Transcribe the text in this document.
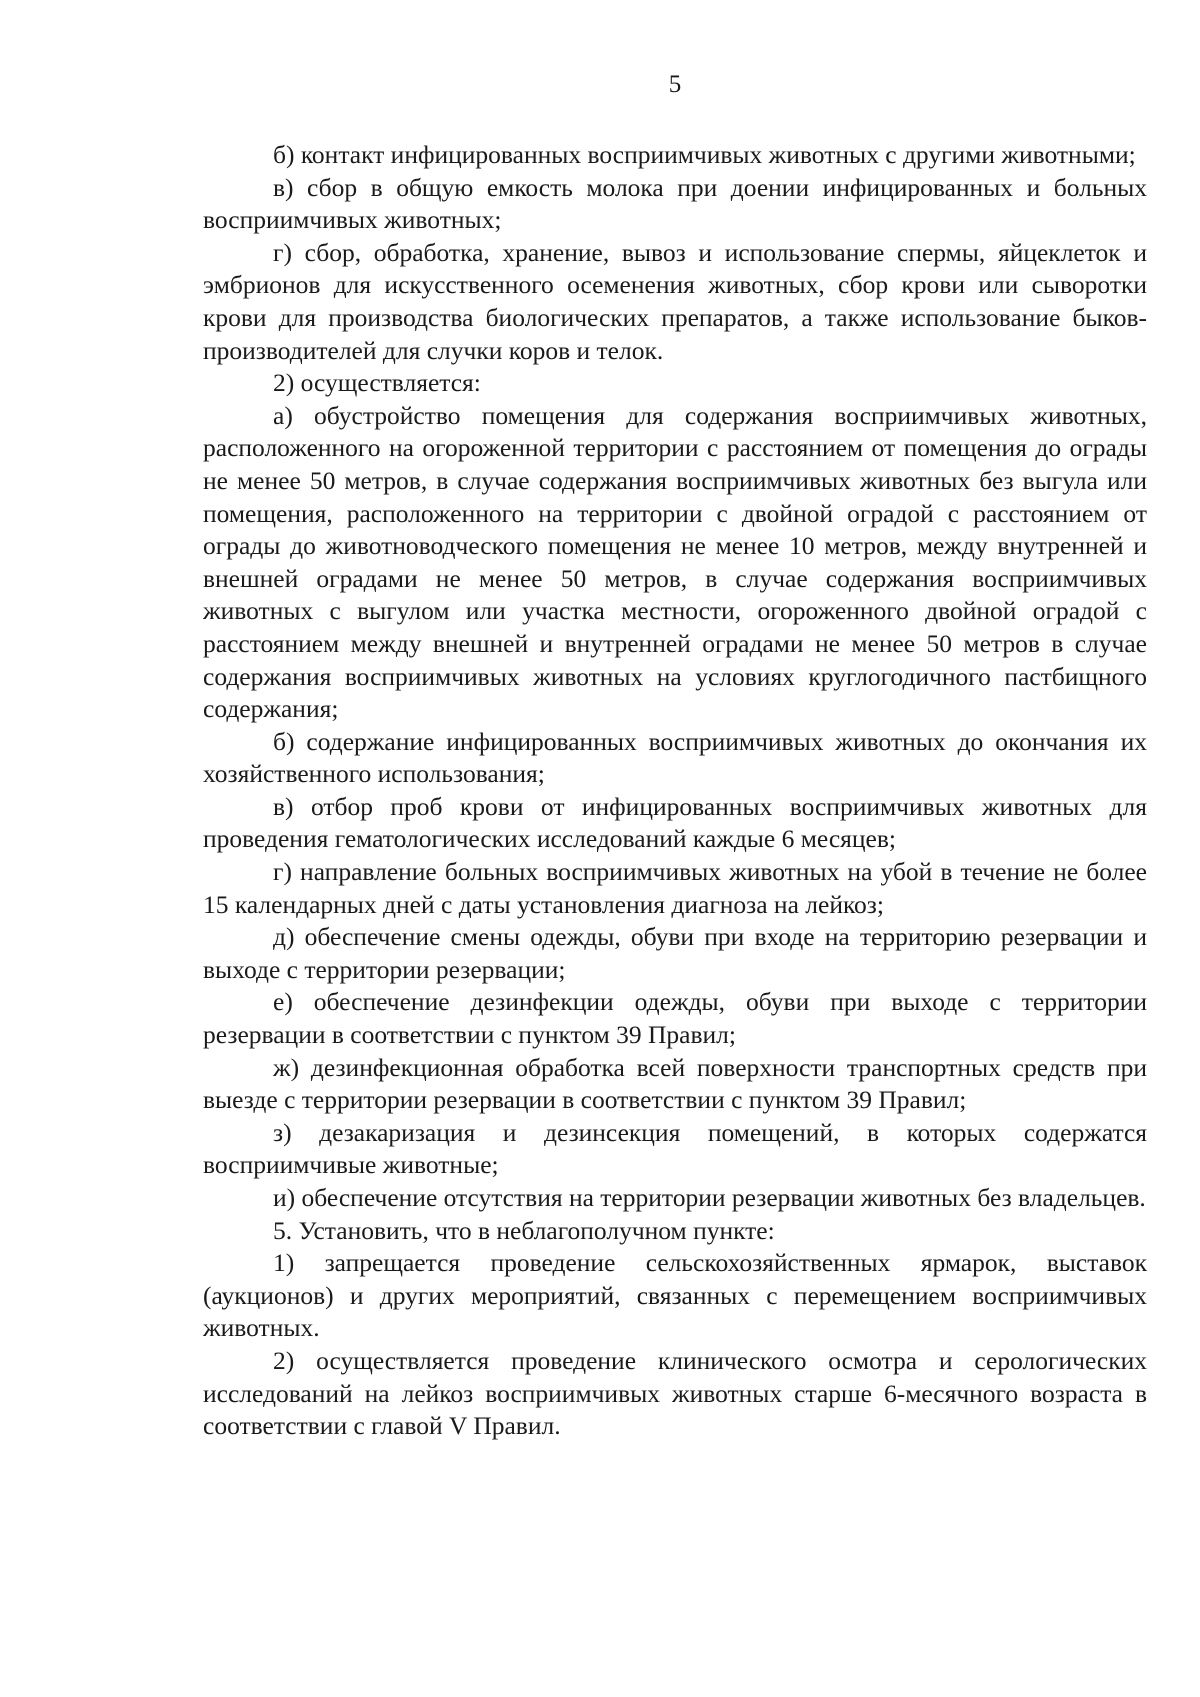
5

б) контакт инфицированных восприимчивых животных с другими животными;

в) сбор в общую емкость молока при доении инфицированных и больных восприимчивых животных;

г) сбор, обработка, хранение, вывоз и использование спермы, яйцеклеток и эмбрионов для искусственного осеменения животных, сбор крови или сыворотки крови для производства биологических препаратов, а также использование быков-производителей для случки коров и телок.

2) осуществляется:

а) обустройство помещения для содержания восприимчивых животных, расположенного на огороженной территории с расстоянием от помещения до ограды не менее 50 метров, в случае содержания восприимчивых животных без выгула или помещения, расположенного на территории с двойной оградой с расстоянием от ограды до животноводческого помещения не менее 10 метров, между внутренней и внешней оградами не менее 50 метров, в случае содержания восприимчивых животных с выгулом или участка местности, огороженного двойной оградой с расстоянием между внешней и внутренней оградами не менее 50 метров в случае содержания восприимчивых животных на условиях круглогодичного пастбищного содержания;

б) содержание инфицированных восприимчивых животных до окончания их хозяйственного использования;

в) отбор проб крови от инфицированных восприимчивых животных для проведения гематологических исследований каждые 6 месяцев;

г) направление больных восприимчивых животных на убой в течение не более 15 календарных дней с даты установления диагноза на лейкоз;

д) обеспечение смены одежды, обуви при входе на территорию резервации и выходе с территории резервации;

е) обеспечение дезинфекции одежды, обуви при выходе с территории резервации в соответствии с пунктом 39 Правил;

ж) дезинфекционная обработка всей поверхности транспортных средств при выезде с территории резервации в соответствии с пунктом 39 Правил;

з) дезакаризация и дезинсекция помещений, в которых содержатся восприимчивые животные;

и) обеспечение отсутствия на территории резервации животных без владельцев.

5. Установить, что в неблагополучном пункте:

1) запрещается проведение сельскохозяйственных ярмарок, выставок (аукционов) и других мероприятий, связанных с перемещением восприимчивых животных.

2) осуществляется проведение клинического осмотра и серологических исследований на лейкоз восприимчивых животных старше 6-месячного возраста в соответствии с главой V Правил.
